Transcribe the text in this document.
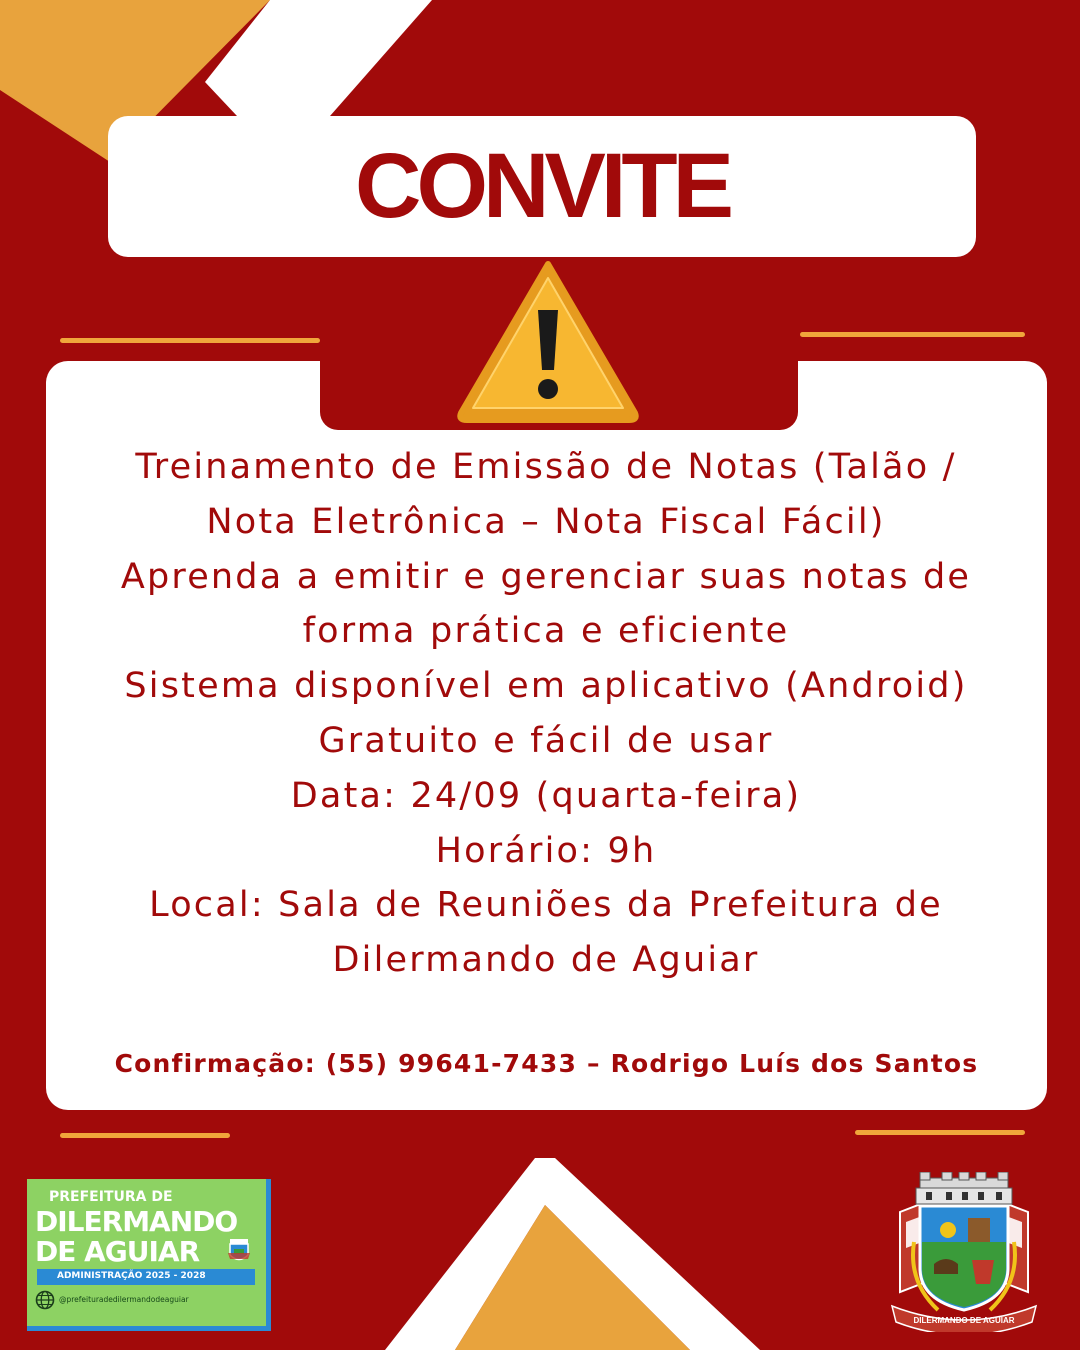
CONVITE
Treinamento de Emissão de Notas (Talão /
Nota Eletrônica – Nota Fiscal Fácil)
Aprenda a emitir e gerenciar suas notas de
forma prática e eficiente
Sistema disponível em aplicativo (Android)
Gratuito e fácil de usar
Data: 24/09 (quarta-feira)
Horário: 9h
Local: Sala de Reuniões da Prefeitura de
Dilermando de Aguiar
Confirmação: (55) 99641-7433 – Rodrigo Luís dos Santos
PREFEITURA DE
DILERMANDO
DE AGUIAR
ADMINISTRAÇÃO 2025 - 2028
@prefeituradedilermandodeaguiar
DILERMANDO DE AGUIAR
